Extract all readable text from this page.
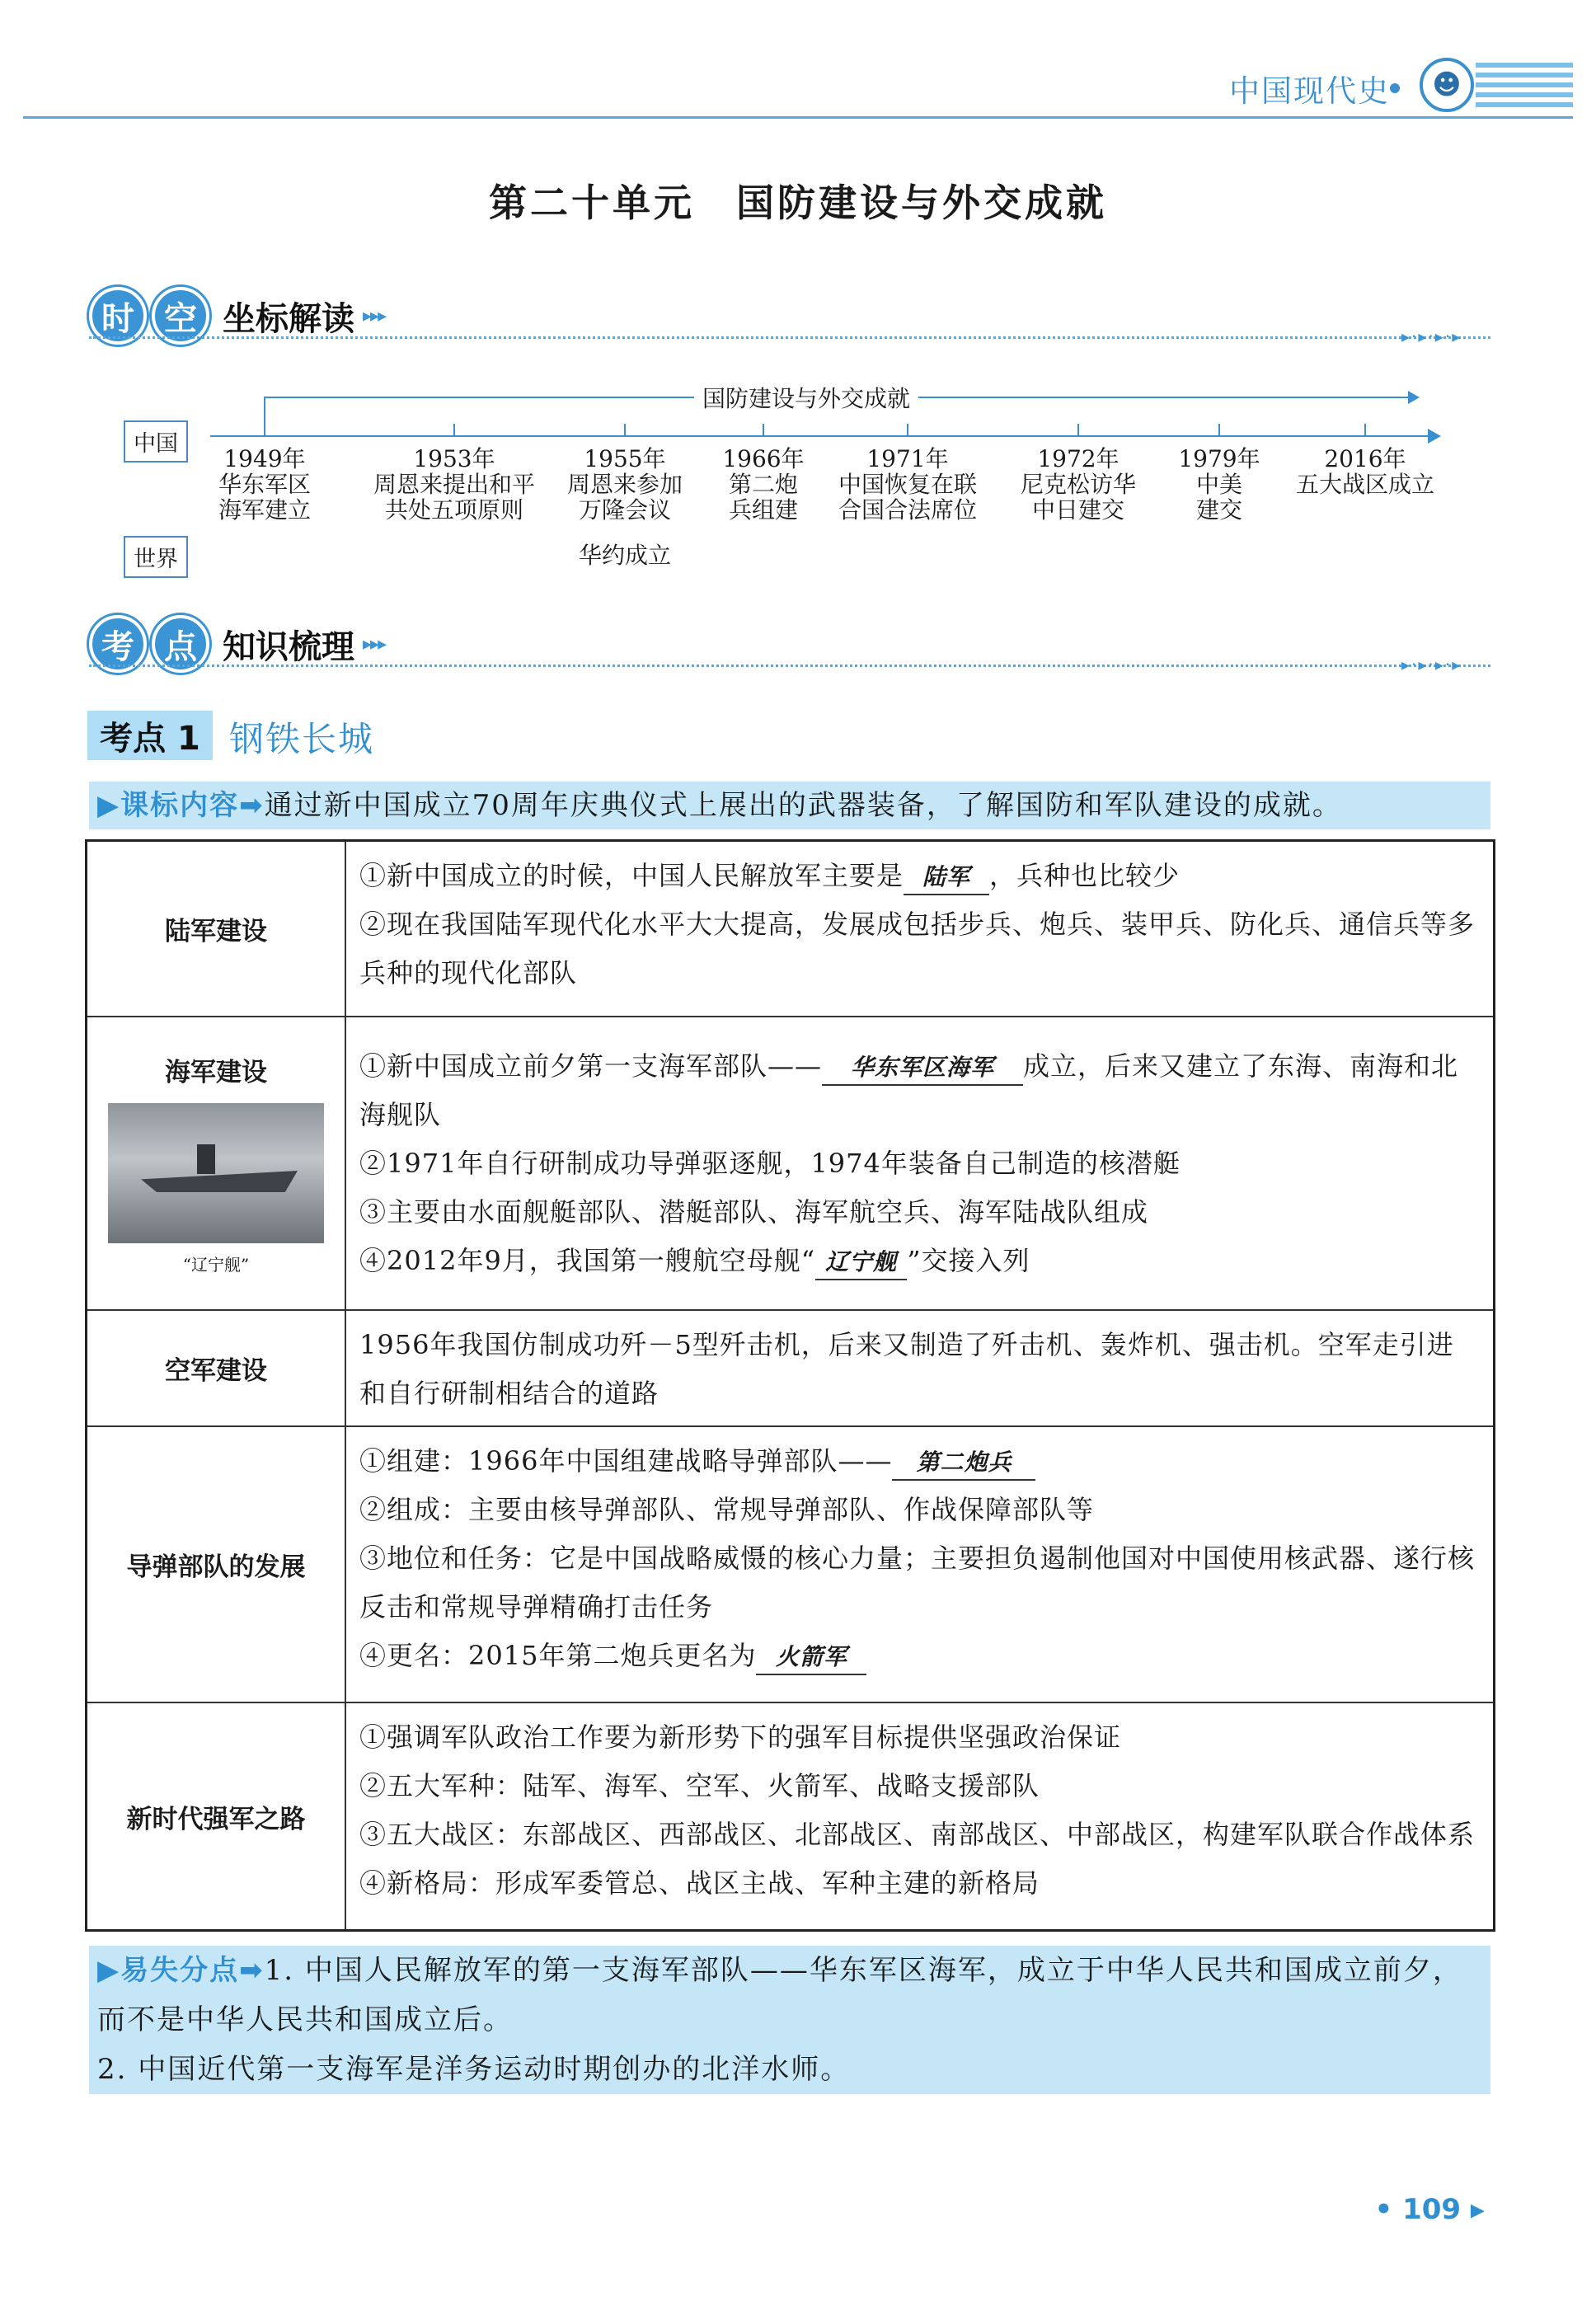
中国现代史	☻
第二十单元　国防建设与外交成就
时 空 坐标解读 ▸▸▸
▸·▸·▸·▸
中国
世界
国防建设与外交成就
1949年
华东军区
海军建立
1953年
周恩来提出和平
共处五项原则
1955年
周恩来参加
万隆会议
1966年
第二炮
兵组建
1971年
中国恢复在联
合国合法席位
1972年
尼克松访华
中日建交
1979年
中美
建交
2016年
五大战区成立
华约成立
考 点 知识梳理 ▸▸▸
▸·▸·▸·▸
考点 1 钢铁长城
▶课标内容➡通过新中国成立70周年庆典仪式上展出的武器装备，了解国防和军队建设的成就。
陆军建设
①新中国成立的时候，中国人民解放军主要是 陆军 ，兵种也比较少
②现在我国陆军现代化水平大大提高，发展成包括步兵、炮兵、装甲兵、防化兵、通信兵等多兵种的现代化部队
海军建设
“辽宁舰”
①新中国成立前夕第一支海军部队—— 华东军区海军 成立，后来又建立了东海、南海和北海舰队
②1971年自行研制成功导弹驱逐舰，1974年装备自己制造的核潜艇
③主要由水面舰艇部队、潜艇部队、海军航空兵、海军陆战队组成
④2012年9月，我国第一艘航空母舰“ 辽宁舰 ”交接入列
空军建设
1956年我国仿制成功歼－5型歼击机，后来又制造了歼击机、轰炸机、强击机。空军走引进和自行研制相结合的道路
导弹部队的发展
①组建：1966年中国组建战略导弹部队—— 第二炮兵
②组成：主要由核导弹部队、常规导弹部队、作战保障部队等
③地位和任务：它是中国战略威慑的核心力量；主要担负遏制他国对中国使用核武器、遂行核反击和常规导弹精确打击任务
④更名：2015年第二炮兵更名为 火箭军
新时代强军之路
①强调军队政治工作要为新形势下的强军目标提供坚强政治保证
②五大军种：陆军、海军、空军、火箭军、战略支援部队
③五大战区：东部战区、西部战区、北部战区、南部战区、中部战区，构建军队联合作战体系
④新格局：形成军委管总、战区主战、军种主建的新格局
▶易失分点➡1. 中国人民解放军的第一支海军部队——华东军区海军，成立于中华人民共和国成立前夕，而不是中华人民共和国成立后。
2. 中国近代第一支海军是洋务运动时期创办的北洋水师。
• 109 ▸
